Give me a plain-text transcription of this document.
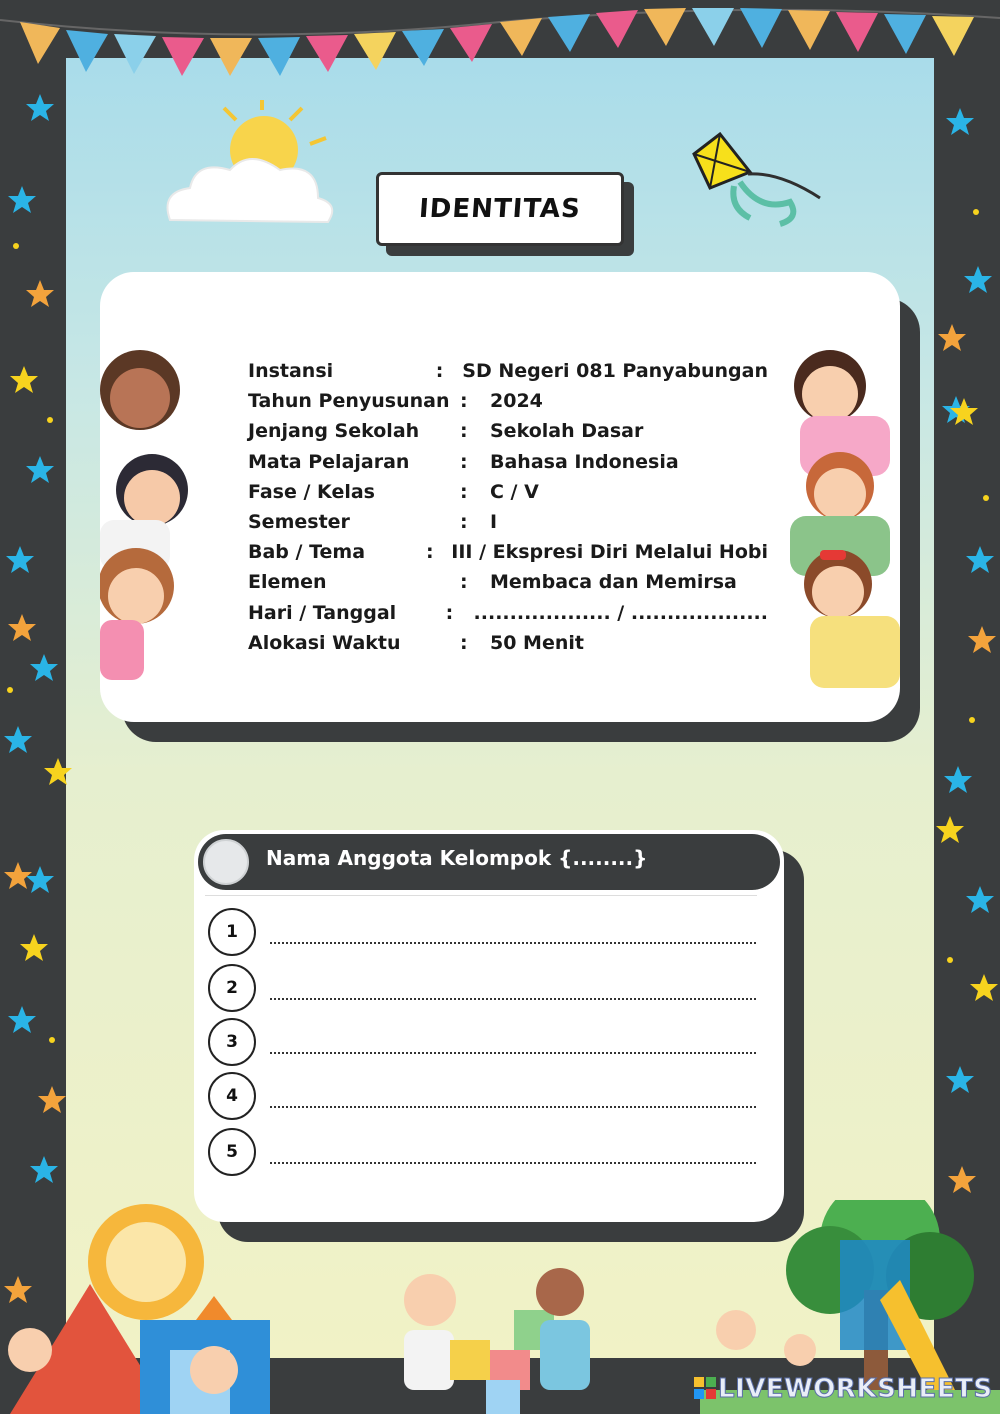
IDENTITAS
Instansi	: SD Negeri 081 Panyabungan
Tahun Penyusunan :	2024
Jenjang Sekolah	:	Sekolah Dasar
Mata Pelajaran	:	Bahasa Indonesia
Fase / Kelas	:	C / V
Semester	:	I
Bab / Tema	: III / Ekspresi Diri Melalui Hobi
Elemen	:	Membaca dan Memirsa
Hari / Tanggal	:	................... / ...................
Alokasi Waktu	:	50 Menit
Nama Anggota Kelompok {........}
1
2
3
4
5
LIVEWORKSHEETS
